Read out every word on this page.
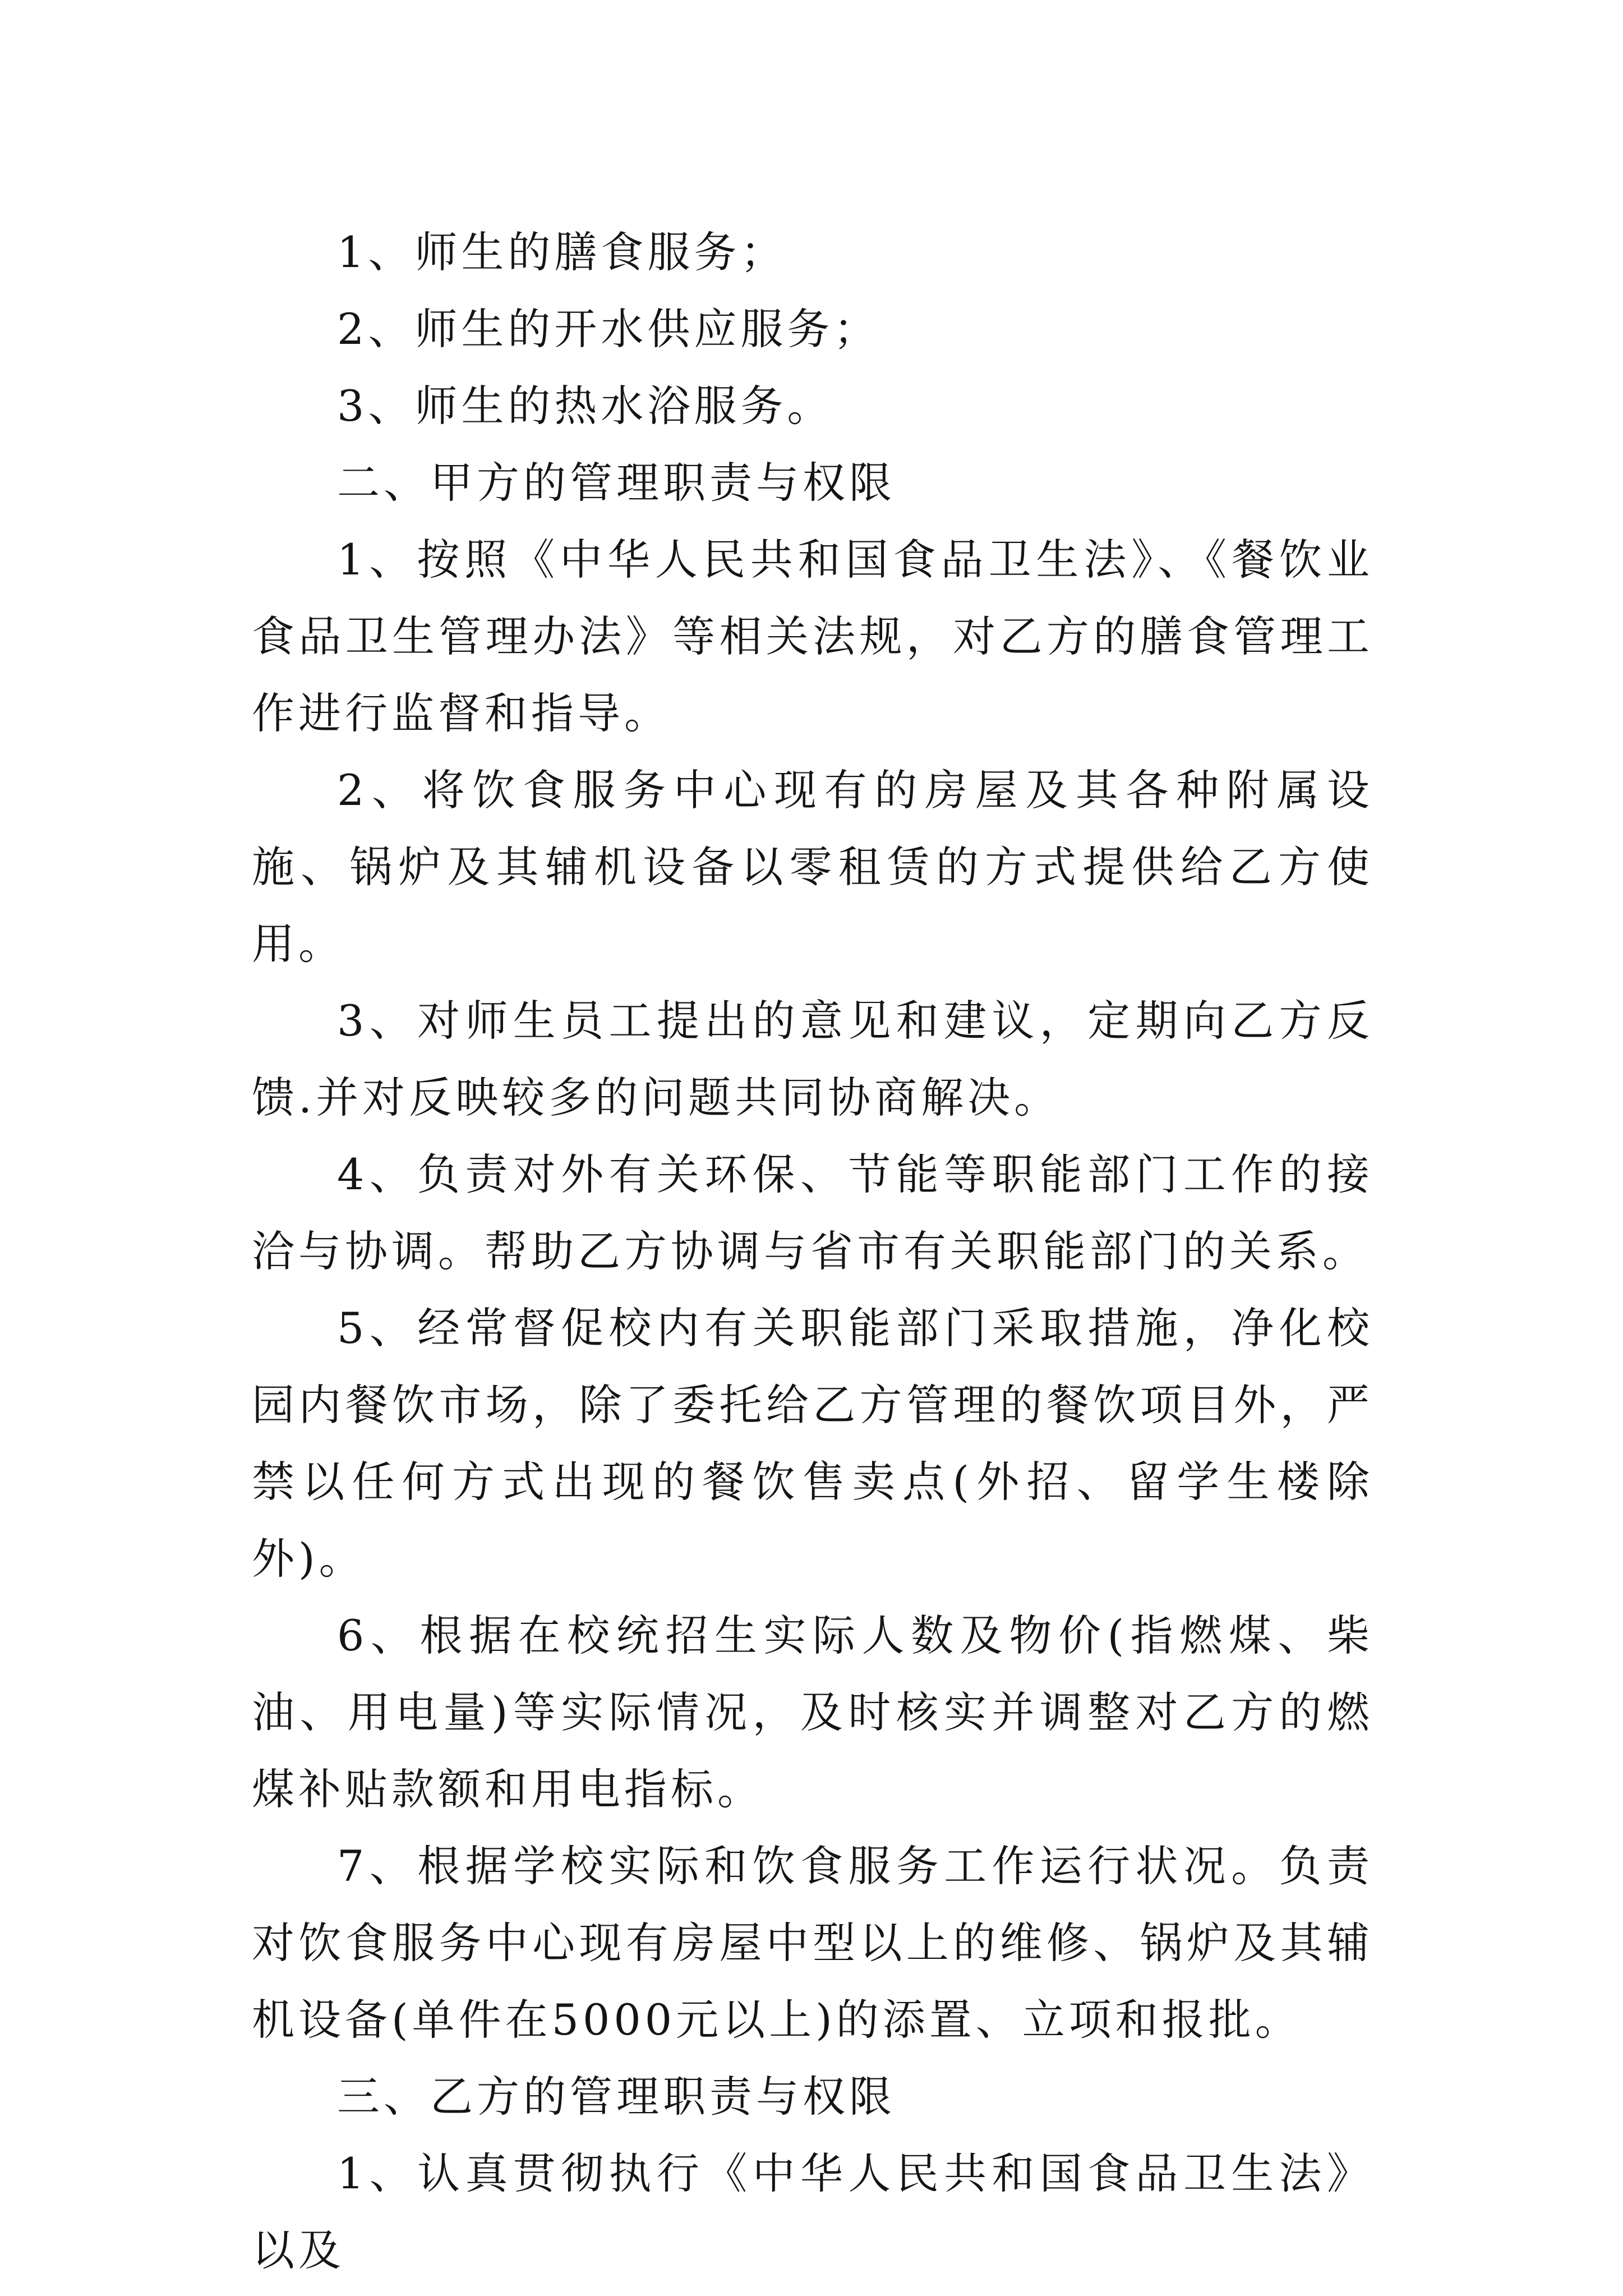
1、师生的膳食服务；

2、师生的开水供应服务；

3、师生的热水浴服务。

二、甲方的管理职责与权限

1、按照《中华人民共和国食品卫生法》、《餐饮业食品卫生管理办法》等相关法规，对乙方的膳食管理工作进行监督和指导。

2、将饮食服务中心现有的房屋及其各种附属设施、锅炉及其辅机设备以零租赁的方式提供给乙方使用。

3、对师生员工提出的意见和建议，定期向乙方反馈.并对反映较多的问题共同协商解决。

4、负责对外有关环保、节能等职能部门工作的接洽与协调。帮助乙方协调与省市有关职能部门的关系。

5、经常督促校内有关职能部门采取措施，净化校园内餐饮市场，除了委托给乙方管理的餐饮项目外，严禁以任何方式出现的餐饮售卖点(外招、留学生楼除外)。

6、根据在校统招生实际人数及物价(指燃煤、柴油、用电量)等实际情况，及时核实并调整对乙方的燃煤补贴款额和用电指标。

7、根据学校实际和饮食服务工作运行状况。负责对饮食服务中心现有房屋中型以上的维修、锅炉及其辅机设备(单件在5000元以上)的添置、立项和报批。

三、乙方的管理职责与权限

1、认真贯彻执行《中华人民共和国食品卫生法》以及
